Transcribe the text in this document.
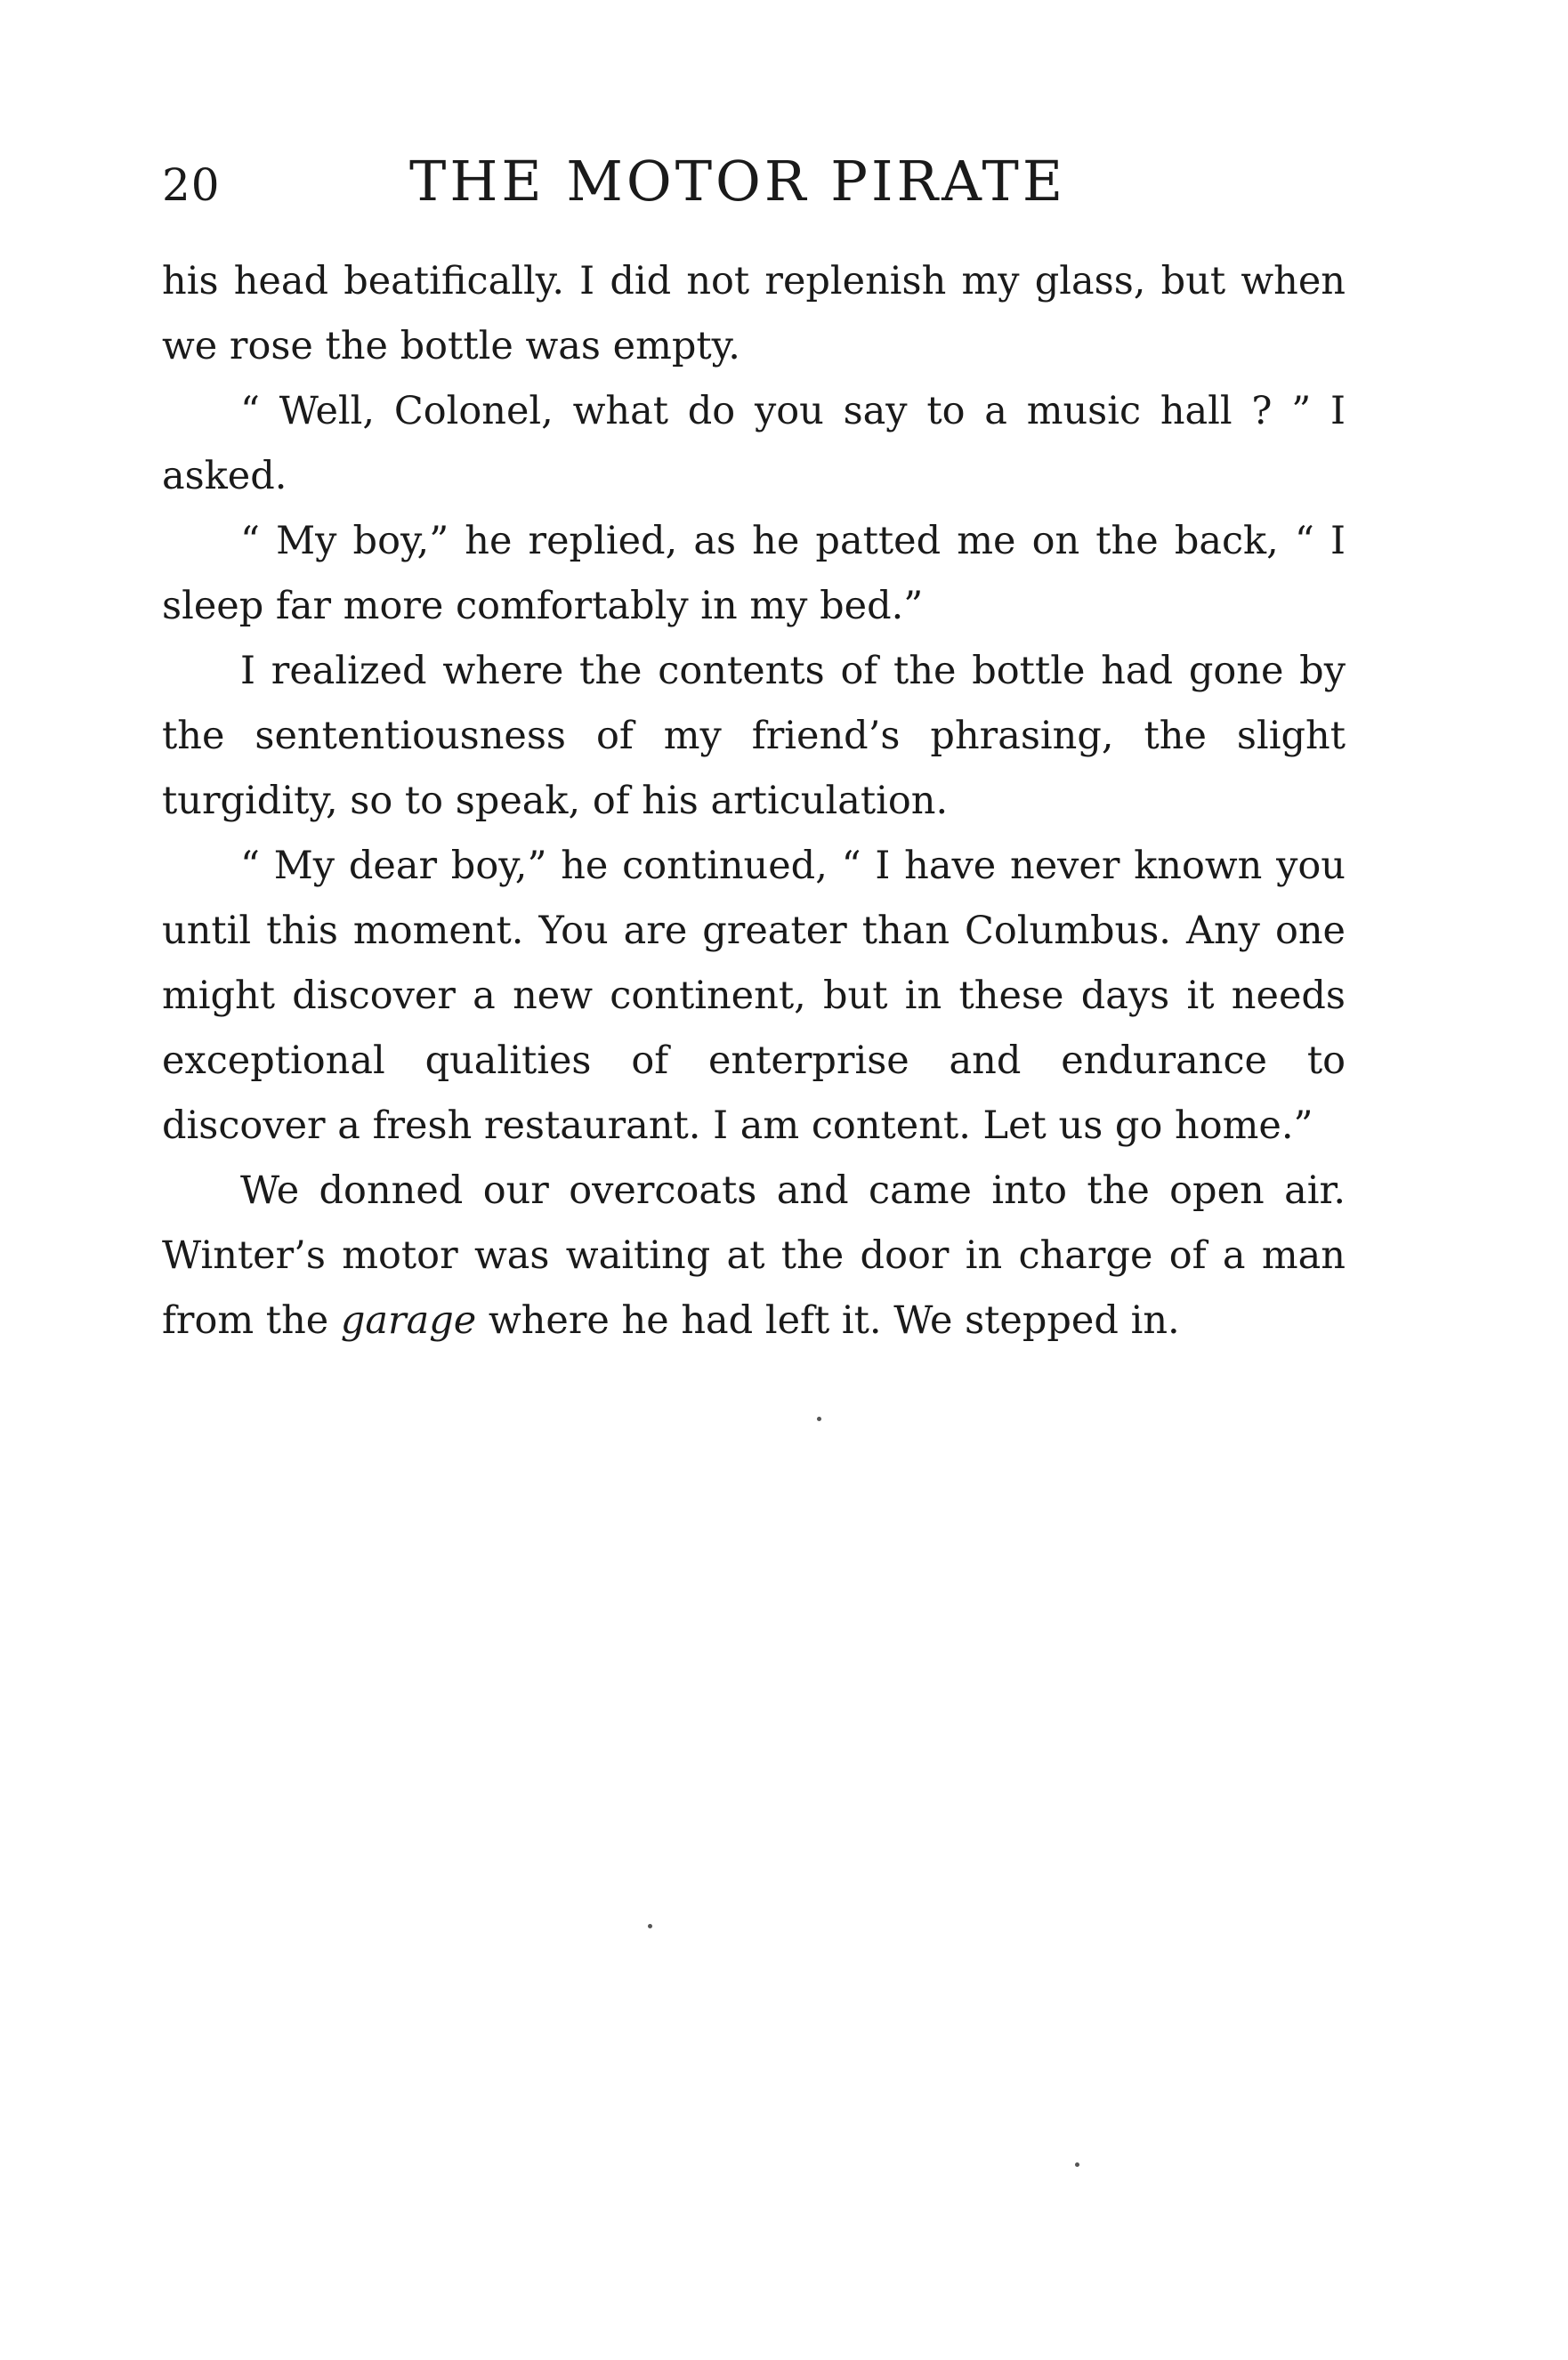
20	THE MOTOR PIRATE

his head beatifically. I did not replenish my glass, but when we rose the bottle was empty.

“ Well, Colonel, what do you say to a music hall ? ” I asked.

“ My boy,” he replied, as he patted me on the back, “ I sleep far more comfortably in my bed.”

I realized where the contents of the bottle had gone by the sententiousness of my friend’s phrasing, the slight turgidity, so to speak, of his articulation.

“ My dear boy,” he continued, “ I have never known you until this moment. You are greater than Columbus. Any one might discover a new continent, but in these days it needs exceptional qualities of enterprise and endurance to discover a fresh restaurant. I am content. Let us go home.”

We donned our overcoats and came into the open air. Winter’s motor was waiting at the door in charge of a man from the garage where he had left it. We stepped in.
